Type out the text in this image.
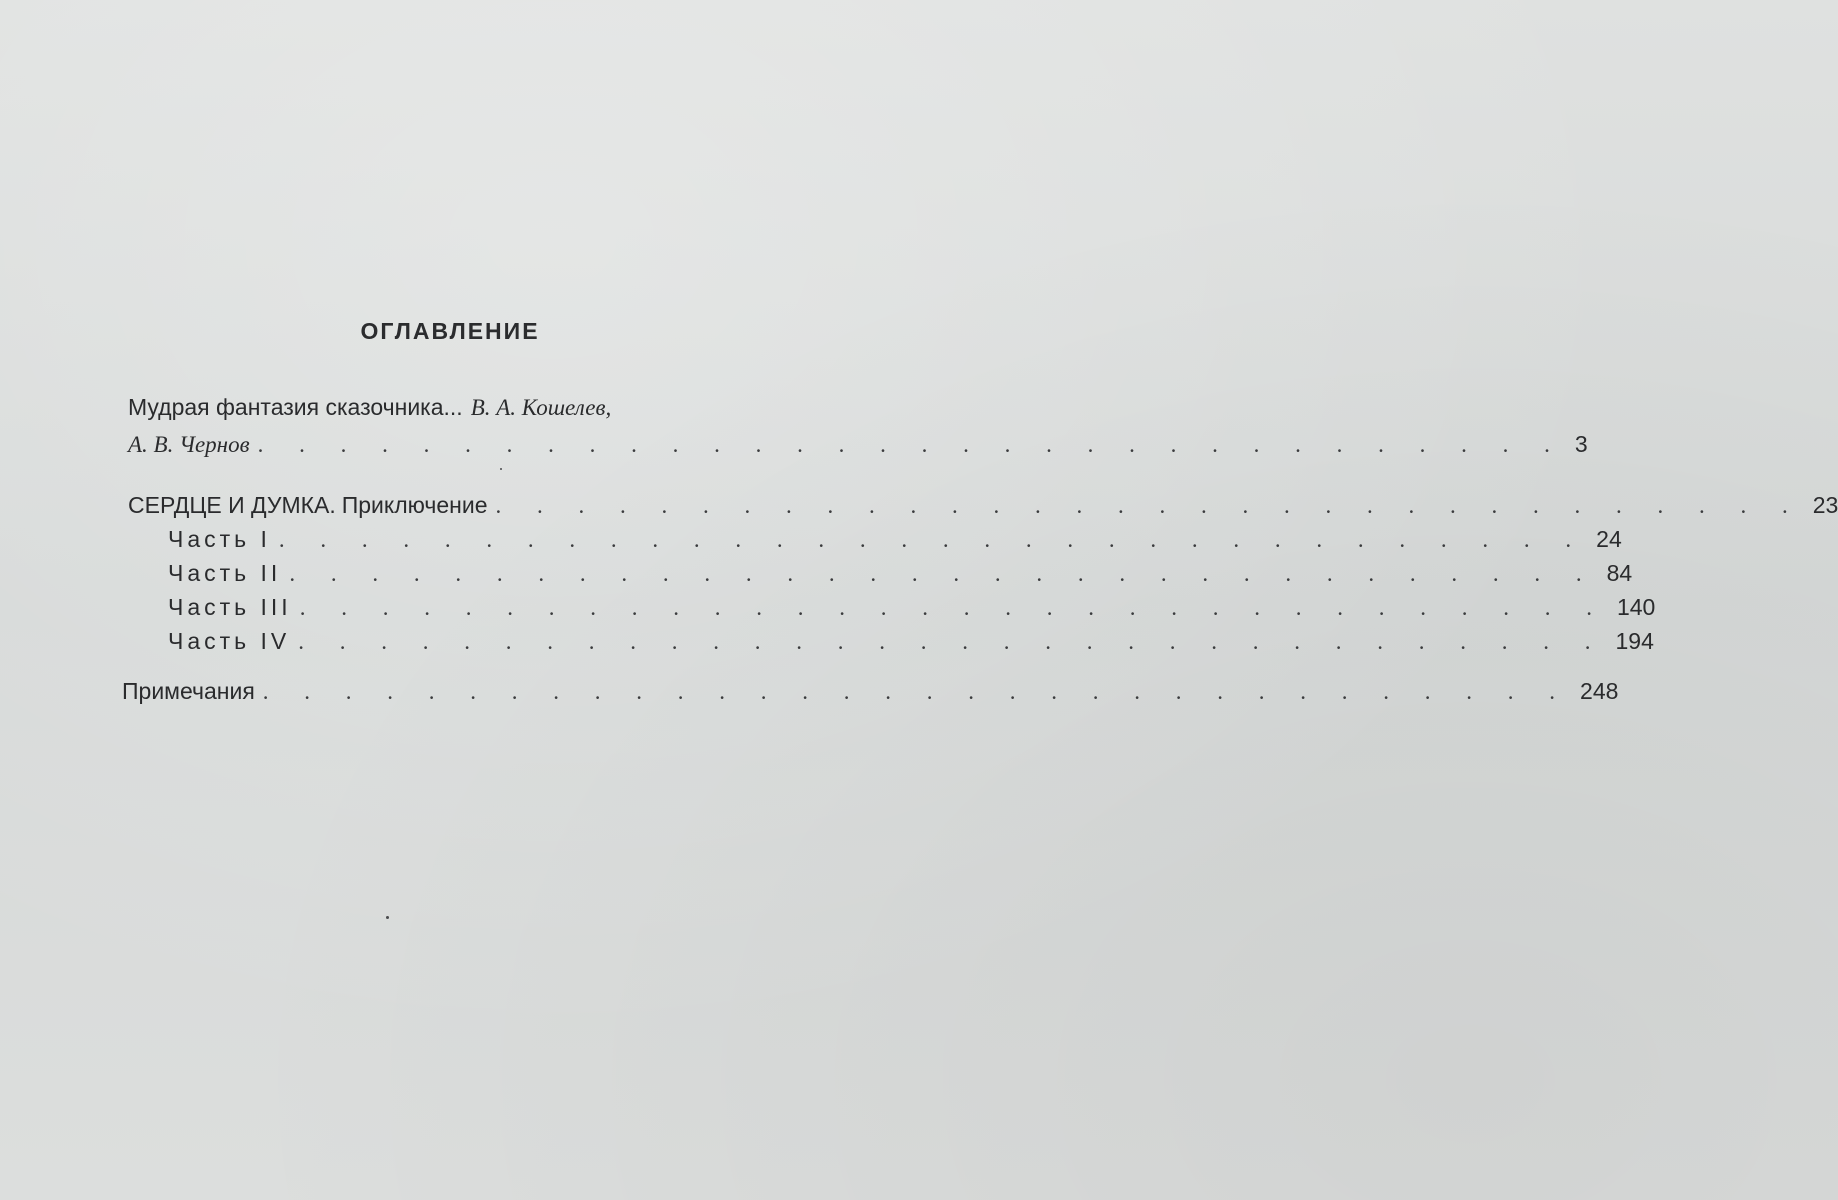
ОГЛАВЛЕНИЕ
Мудрая фантазия сказочника... В. А. Кошелев,
А. В. Чернов . . . . . . . . . . . . . . . . . . . . . . . . . . . . . . . . 3
СЕРДЦЕ И ДУМКА. Приключение . . . . . . . . . . . . . . . . . . . . . . . . . . . . . . . . 23
Часть I . . . . . . . . . . . . . . . . . . . . . . . . . . . . . . . . 24
Часть II . . . . . . . . . . . . . . . . . . . . . . . . . . . . . . . . 84
Часть III . . . . . . . . . . . . . . . . . . . . . . . . . . . . . . . . 140
Часть IV . . . . . . . . . . . . . . . . . . . . . . . . . . . . . . . . 194
Примечания . . . . . . . . . . . . . . . . . . . . . . . . . . . . . . . . 248
